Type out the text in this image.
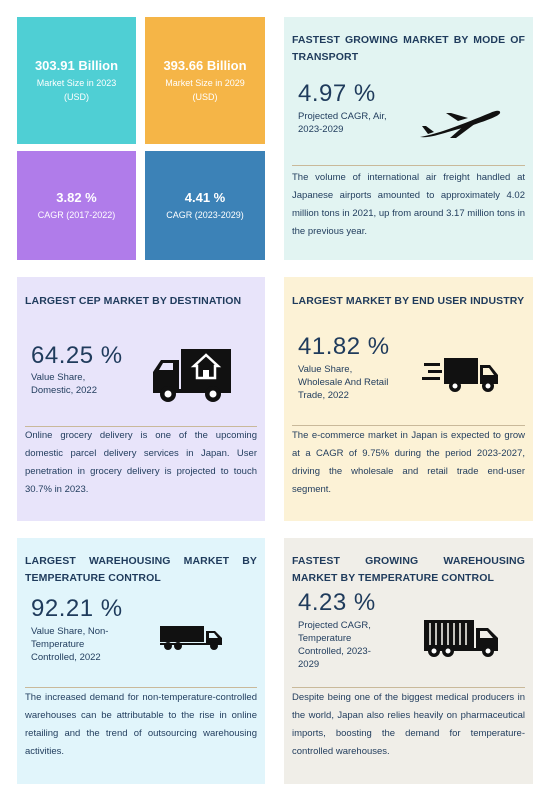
303.91 Billion
Market Size in 2023
(USD)
393.66 Billion
Market Size in 2029
(USD)
3.82 %
CAGR (2017-2022)
4.41 %
CAGR (2023-2029)
FASTEST GROWING MARKET BY MODE OF TRANSPORT
4.97 %
Projected CAGR, Air,
2023-2029
The volume of international air freight handled at Japanese airports amounted to approximately 4.02 million tons in 2021, up from around 3.17 million tons in the previous year.
LARGEST CEP MARKET BY DESTINATION
64.25 %
Value Share,
Domestic, 2022
Online grocery delivery is one of the upcoming domestic parcel delivery services in Japan. User penetration in grocery delivery is projected to touch 30.7% in 2023.
LARGEST MARKET BY END USER INDUSTRY
41.82 %
Value Share,
Wholesale And Retail
Trade, 2022
The e-commerce market in Japan is expected to grow at a CAGR of 9.75% during the period 2023-2027, driving the wholesale and retail trade end-user segment.
LARGEST WAREHOUSING MARKET BY TEMPERATURE CONTROL
92.21 %
Value Share, Non-
Temperature
Controlled, 2022
The increased demand for non-temperature-controlled warehouses can be attributable to the rise in online retailing and the trend of outsourcing warehousing activities.
FASTEST GROWING WAREHOUSING MARKET BY TEMPERATURE CONTROL
4.23 %
Projected CAGR,
Temperature
Controlled, 2023-
2029
Despite being one of the biggest medical producers in the world, Japan also relies heavily on pharmaceutical imports, boosting the demand for temperature-controlled warehouses.
